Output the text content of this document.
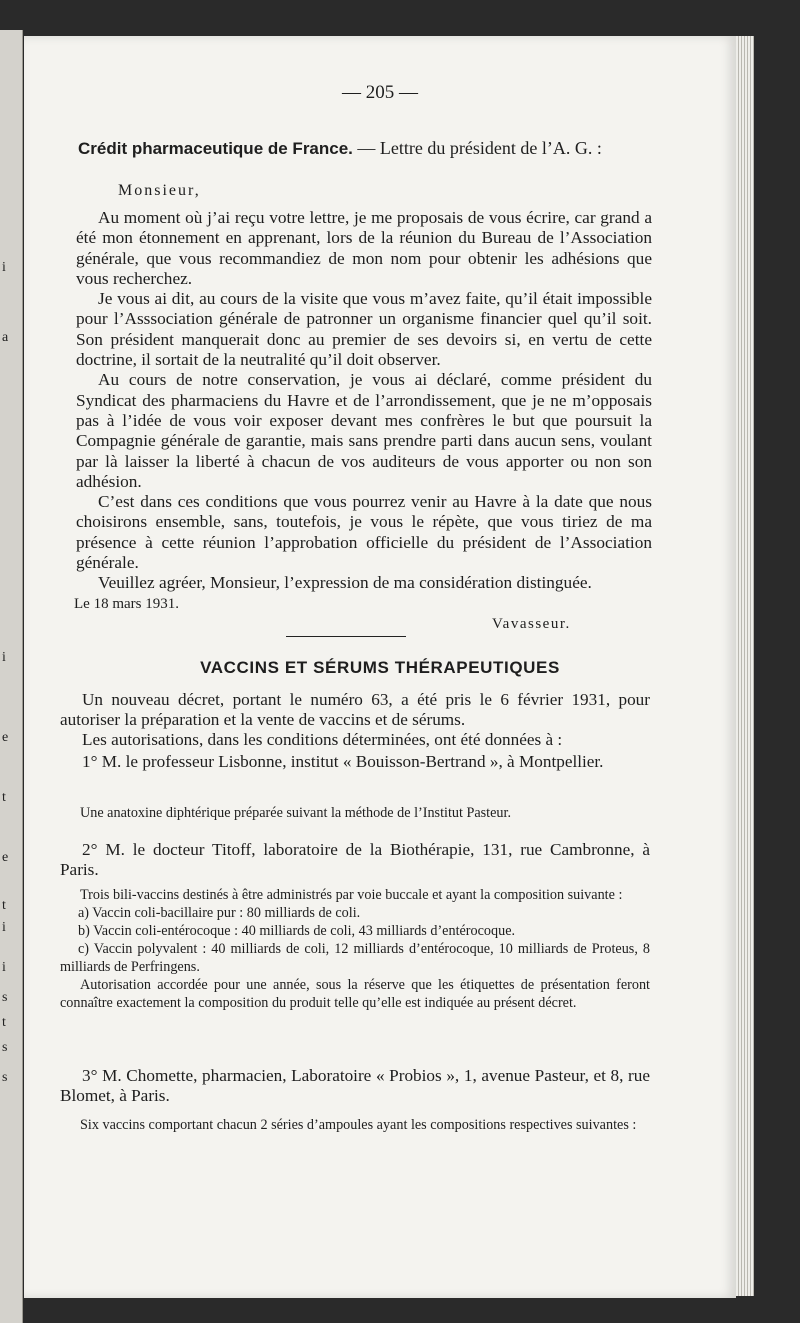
i
a
i
e
t
e
t
i
i
s
t
s
s
— 205 —
Crédit pharmaceutique de France. — Lettre du président de l’A. G. :
Monsieur,

Au moment où j’ai reçu votre lettre, je me proposais de vous écrire, car grand a été mon étonnement en apprenant, lors de la réunion du Bureau de l’Association générale, que vous recommandiez de mon nom pour obtenir les adhésions que vous recherchez.

Je vous ai dit, au cours de la visite que vous m’avez faite, qu’il était impossible pour l’Asssociation générale de patronner un organisme financier quel qu’il soit. Son président manquerait donc au premier de ses devoirs si, en vertu de cette doctrine, il sortait de la neutralité qu’il doit observer.

Au cours de notre conservation, je vous ai déclaré, comme président du Syndicat des pharmaciens du Havre et de l’arrondissement, que je ne m’opposais pas à l’idée de vous voir exposer devant mes confrères le but que poursuit la Compagnie générale de garantie, mais sans prendre parti dans aucun sens, voulant par là laisser la liberté à chacun de vos auditeurs de vous apporter ou non son adhésion.

C’est dans ces conditions que vous pourrez venir au Havre à la date que nous choisirons ensemble, sans, toutefois, je vous le répète, que vous tiriez de ma présence à cette réunion l’approbation officielle du président de l’Association générale.

Veuillez agréer, Monsieur, l’expression de ma considération distinguée.

Le 18 mars 1931.
Vavasseur.
VACCINS ET SÉRUMS THÉRAPEUTIQUES

Un nouveau décret, portant le numéro 63, a été pris le 6 février 1931, pour autoriser la préparation et la vente de vaccins et de sérums.

Les autorisations, dans les conditions déterminées, ont été données à :

1° M. le professeur Lisbonne, institut « Bouisson-Bertrand », à Montpellier.

Une anatoxine diphtérique préparée suivant la méthode de l’Institut Pasteur.

2° M. le docteur Titoff, laboratoire de la Biothérapie, 131, rue Cambronne, à Paris.

Trois bili-vaccins destinés à être administrés par voie buccale et ayant la composition suivante :

a) Vaccin coli-bacillaire pur : 80 milliards de coli.

b) Vaccin coli-entérocoque : 40 milliards de coli, 43 milliards d’entérocoque.

c) Vaccin polyvalent : 40 milliards de coli, 12 milliards d’entérocoque, 10 milliards de Proteus, 8 milliards de Perfringens.

Autorisation accordée pour une année, sous la réserve que les étiquettes de présentation feront connaître exactement la composition du produit telle qu’elle est indiquée au présent décret.

3° M. Chomette, pharmacien, Laboratoire « Probios », 1, avenue Pasteur, et 8, rue Blomet, à Paris.

Six vaccins comportant chacun 2 séries d’ampoules ayant les compositions respectives suivantes :
